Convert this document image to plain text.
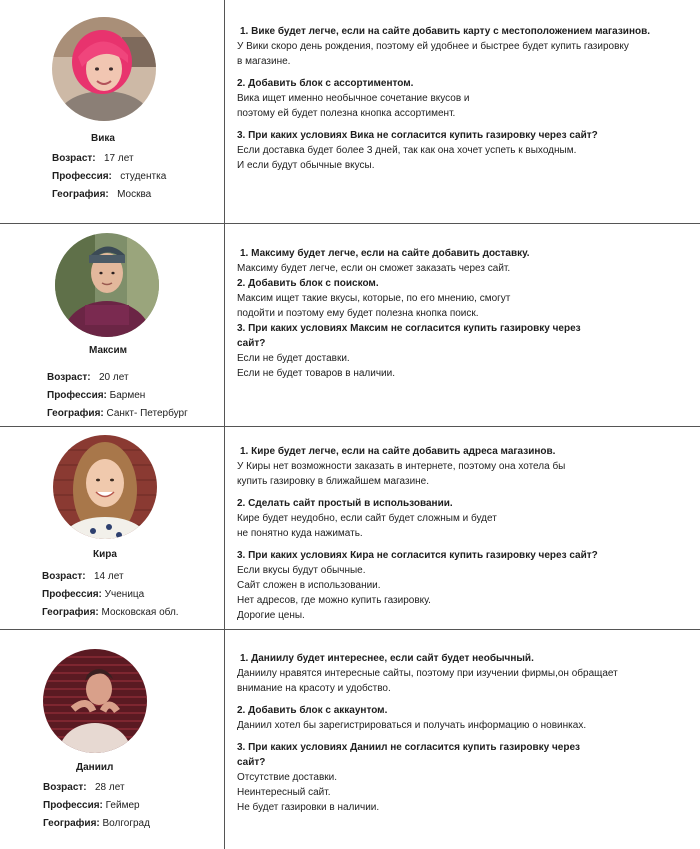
Вика
Возраст: 17 лет
Профессия: студентка
География: Москва

1. Вике будет легче, если на сайте добавить карту с местоположением магазинов.

У Вики скоро день рождения, поэтому ей удобнее и быстрее будет купить газировку

в магазине.

2. Добавить блок с ассортиментом.

Вика ищет именно необычное сочетание вкусов и

поэтому ей будет полезна кнопка ассортимент.

3. При каких условиях Вика не согласится купить газировку через сайт?

Если доставка будет более 3 дней, так как она хочет успеть к выходным.

И если будут обычные вкусы.

Максим
Возраст: 20 лет
Профессия: Бармен
География: Санкт- Петербург

1. Максиму будет легче, если на сайте добавить доставку.

Максиму будет легче, если он сможет заказать через сайт.

2. Добавить блок с поиском.

Максим ищет такие вкусы, которые, по его мнению, смогут

подойти и поэтому ему будет полезна кнопка поиск.

3. При каких условиях Максим не согласится купить газировку через

сайт?

Если не будет доставки.

Если не будет товаров в наличии.

Кира
Возраст: 14 лет
Профессия: Ученица
География: Московская обл.

1. Кире будет легче, если на сайте добавить адреса магазинов.

У Киры нет возможности заказать в интернете, поэтому она хотела бы

купить газировку в ближайшем магазине.

2. Сделать сайт простый в использовании.

Кире будет неудобно, если сайт будет сложным и будет

не понятно куда нажимать.

3. При каких условиях Кира не согласится купить газировку через сайт?

Если вкусы будут обычные.

Сайт сложен в использовании.

Нет адресов, где можно купить газировку.

Дорогие цены.

Даниил
Возраст: 28 лет
Профессия: Геймер
География: Волгоград

1. Даниилу будет интереснее, если сайт будет необычный.

Даниилу нравятся интересные сайты, поэтому при изучении фирмы,он обращает

внимание на красоту и удобство.

2. Добавить блок с аккаунтом.

Даниил хотел бы зарегистрироваться и получать информацию о новинках.

3. При каких условиях Даниил не согласится купить газировку через

сайт?

Отсутствие доставки.

Неинтересный сайт.

Не будет газировки в наличии.
